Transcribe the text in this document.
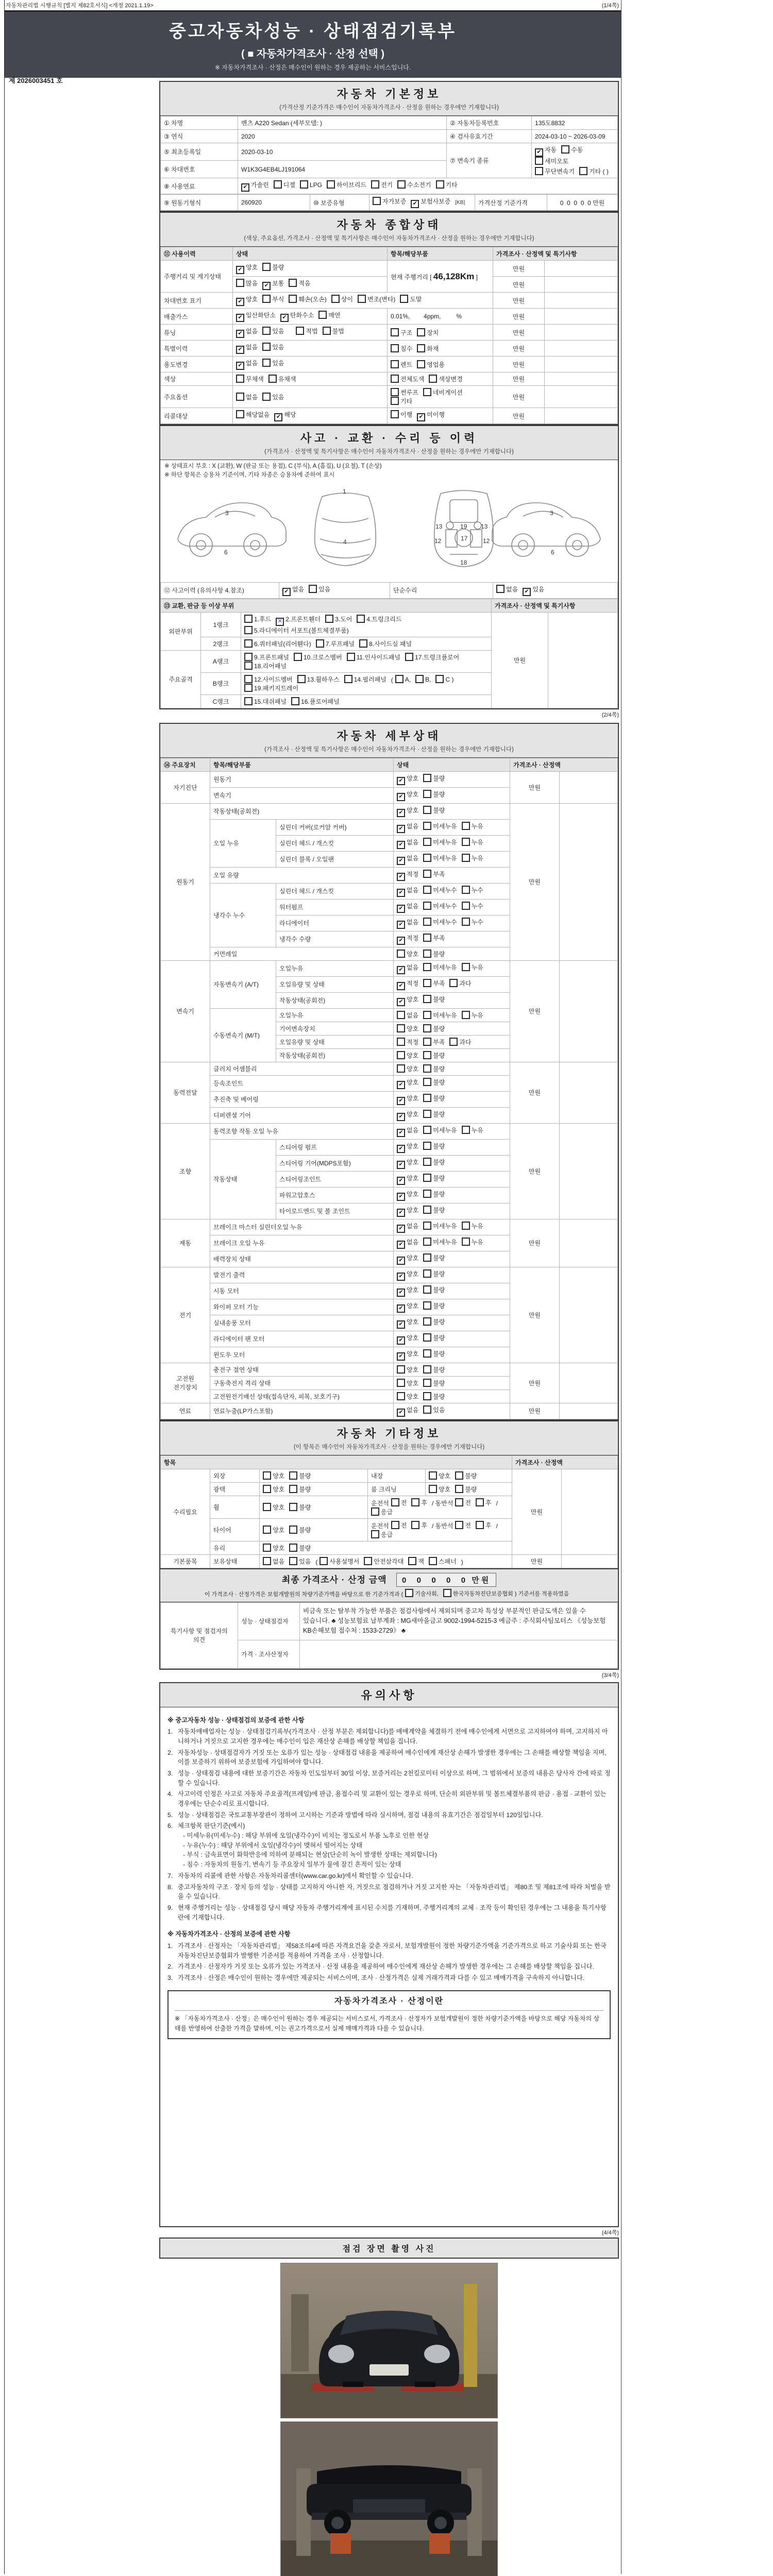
자동차관리법 시행규칙 [별지 제82호서식] <개정 2021.1.19>	(1/4쪽)
중고자동차성능 · 상태점검기록부
( ■ 자동차가격조사 · 산정 선택 )
※ 자동차가격조사 · 산정은 매수인이 원하는 경우 제공하는 서비스입니다.
제 2026003451 호
자동차 기본정보
(가격산정 기준가격은 매수인이 자동차가격조사 · 산정을 원하는 경우에만 기재합니다)
① 차명	벤츠 A220 Sedan (세부모델: )	② 자동차등록번호	135도8832
③ 연식	2020	④ 검사유효기간	2024-03-10 ~ 2026-03-09
⑤ 최초등록일	2020-03-10	⑦ 변속기 종류	
✔자동 수동세미오토
무단변속기 기타 ( )

⑥ 차대번호	W1K3G4EB4LJ191064		
⑧ 사용연료	✔가솔린 디젤 LPG 하이브리드 전기 수소전기 기타
⑨ 원동기형식	260920	⑩ 보증유형	자가보증 ✔ 보험사보증 [KB]	가격산정 기준가격	0  0  0  0  0 만원
자동차 종합상태
(색상, 주요옵션, 가격조사 · 산정액 및 특기사항은 매수인이 자동차가격조사 · 산정을 원하는 경우에만 기재합니다)
⑪ 사용이력	상태	항목/해당부품	가격조사 · 산정액 및 특기사항	
주행거리 및 계기상태	✔양호 불량	현재 주행거리 [ 46,128Km ]	만원	
	많음 ✔ 보통 적음		만원	
차대번호 표기	✔양호 부식 훼손(오손) 상이 변조(변타) 도말		만원	
배출가스	✔일산화탄소 ✔ 탄화수소 매연	0.01%,        4ppm,         %	만원	
튜닝	✔없음 있음 적법 불법	구조 장치	만원	
특별이력	✔없음 있음	침수 화재	만원	
용도변경	✔없음 있음	렌트 영업용	만원	
색상	무채색 유채색	전체도색 색상변경	만원	
주요옵션	없음 있음	썬루프 네비게이션기타	만원	
리콜대상	해당없음 ✔ 해당	이행 ✔ 미이행	만원	
사고 · 교환 · 수리 등 이력
(가격조사 · 산정액 및 특기사항은 매수인이 자동차가격조사 · 산정을 원하는 경우에만 기재합니다)
※ 상태표시 부호 : X (교환), W (판금 또는 용접), C (부식), A (흠집), U (요철), T (손상)
※ 하단 항목은 승용차 기준이며, 기타 차종은 승용차에 준하여 표시
3
6
4
1
13	13
19
12	12
17
18
3
6
⑫ 사고이력 (유의사항 4.참조)	✔없음 있음	단순수리	없음 ✔ 있음
⑬ 교환, 판금 등 이상 부위			가격조사 · 산정액 및 특기사항	
외판부위	1랭크	1.후드 ✕ 2.프론트휀더 3.도어 4.트렁크리드
5.라디에이터 서포트(볼트체결부품)	만원	
	2랭크	6.쿼터패널(리어휀다) 7.루프패널 8.사이드실 패널		

주요골격	A랭크	9.프론트패널 10.크로스멤버 11.인사이드패널 17.트렁크플로어
18.리어패널		

	B랭크	12.사이드멤버 13.휠하우스 14.필러패널 ( A, B, C )
19.패키지트레이		

	C랭크	15.대쉬패널 16.플로어패널		
(2/4쪽)
자동차 세부상태
(가격조사 · 산정액 및 특기사항은 매수인이 자동차가격조사 · 산정을 원하는 경우에만 기재합니다)
⑭ 주요장치	항목/해당부품		상태	가격조사 · 산정액	
자기진단	원동기	✔양호 불량	만원	
	변속기	✔양호 불량
원동기	작동상태(공회전)	✔양호 불량	만원	
	오일 누유	실린더 커버(로커암 커버)	✔없음 미세누유 누유
		실린더 헤드 / 개스킷	✔없음 미세누유 누유
		실린더 블록 / 오일팬	✔없음 미세누유 누유
	오일 유량	✔적정 부족
	냉각수 누수	실린더 헤드 / 개스킷	✔없음 미세누수 누수
		워터펌프	✔없음 미세누수 누수
		라디에이터	✔없음 미세누수 누수
		냉각수 수량	✔적정 부족
	커먼레일		양호 불량		
변속기	자동변속기 (A/T)	오일누유	✔없음 미세누유 누유	만원	
		오일유량 및 상태	✔적정 부족 과다
		작동상태(공회전)	✔양호 불량
	수동변속기 (M/T)	오일누유	없음 미세누유 누유		
		기어변속장치	양호 불량		
		오일유량 및 상태	적정 부족 과다		
		작동상태(공회전)	양호 불량		
동력전달	클러치 어셈블리		양호 불량	만원	
	등속조인트	✔양호 불량
	추진축 및 베어링	✔양호 불량
	디퍼렌셜 기어	✔양호 불량
조향	동력조향 작동 오일 누유	✔없음 미세누유 누유	만원	
	작동상태	스티어링 펌프	✔양호 불량
		스티어링 기어(MDPS포함)	✔양호 불량
		스티어링조인트	✔양호 불량
		파워고압호스	✔양호 불량
		타이로드엔드 및 볼 조인트	✔양호 불량
제동	브레이크 마스터 실린더오일 누유	✔없음 미세누유 누유	만원	
	브레이크 오일 누유	✔없음 미세누유 누유
	배력장치 상태	✔양호 불량
전기	발전기 출력	✔양호 불량	만원	
	시동 모터	✔양호 불량
	와이퍼 모터 기능	✔양호 불량
	실내송풍 모터	✔양호 불량
	라디에이터 팬 모터	✔양호 불량
	윈도우 모터	✔양호 불량
고전원 전기장치	충전구 절연 상태		양호 불량	만원	
	구동축전지 격리 상태		양호 불량		
	고전원전기배선 상태(접속단자, 피복, 보호기구)		양호 불량		
연료	연료누출(LP가스포함)	✔없음 있음	만원	
자동차 기타정보
(이 항목은 매수인이 자동차가격조사 · 산정을 원하는 경우에만 기재합니다)
항목					가격조사 · 산정액	
수리필요	외장	양호 불량	내장	양호 불량	만원	
	광택	양호 불량	룸 크리닝	양호 불량		
	휠	양호 불량	운전석 전 후 / 동반석 전 후 /응급			
	타이어	양호 불량	운전석 전 후 / 동반석 전 후 /응급			
	유리	양호 불량				
기본품목	보유상태	없음 있음 ( 사용설명서 안전삼각대 잭 스패너 )			만원	
최종 가격조사 · 산정 금액 0  0  0  0  0 만원
이 가격조사 · 산정가격은 보험개발원의 차량기준가액을 바탕으로 한 기준가격과 ( 기술사회,	한국자동차진단보증협회 ) 기준서를 적용하였음
특기사항 및 점검자의 의견	성능 · 상태점검자	비금속 또는 탈부착 가능한 부품은 점검사항에서 제외되며 중고차 특성상 부분적인 판금도색은 있을 수 있습니다. ♣ 성능보험료 납부계좌 : MG새마을금고 9002-1994-5215-3 예금주 : 주식회사팀모터스 《성능보험 KB손해보험 접수처 : 1533-2729》 ♣
	가격 · 조사산정자	
(3/4쪽)
유의사항
※ 중고자동차 성능 · 상태점검의 보증에 관한 사항
1. 자동차매매업자는 성능 · 상태점검기록부(가격조사 · 산정 부분은 제외합니다)를 매매계약을 체결하기 전에 매수인에게 서면으로 고지하여야 하며, 고지하지 아니하거나 거짓으로 고지한 경우에는 매수인이 입은 재산상 손해를 배상할 책임을 집니다.
2. 자동차성능 · 상태점검자가 거짓 또는 오류가 있는 성능 · 상태점검 내용을 제공하여 매수인에게 재산상 손해가 발생한 경우에는 그 손해를 배상할 책임을 지며, 이를 보증하기 위하여 보증보험에 가입하여야 합니다.
3. 성능 · 상태점검 내용에 대한 보증기간은 자동차 인도일부터 30일 이상, 보증거리는 2천킬로미터 이상으로 하며, 그 범위에서 보증의 내용은 당사자 간에 따로 정할 수 있습니다.
4. 사고이력 인정은 사고로 자동차 주요골격(프레임)에 판금, 용접수리 및 교환이 있는 경우로 하며, 단순히 외판부위 및 볼트체결부품의 판금 · 용접 · 교환이 있는 경우에는 단순수리로 표시합니다.
5. 성능 · 상태점검은 국토교통부장관이 정하여 고시하는 기준과 방법에 따라 실시하며, 점검 내용의 유효기간은 점검일부터 120일입니다.
6. 체크항목 판단기준(예시)
- 미세누유(미세누수) : 해당 부위에 오일(냉각수)이 비치는 정도로서 부품 노후로 인한 현상
- 누유(누수) : 해당 부위에서 오일(냉각수)이 맺혀서 떨어지는 상태
- 부식 : 금속표면이 화학반응에 의하여 분해되는 현상(단순히 녹이 발생한 상태는 제외합니다)
- 침수 : 자동차의 원동기, 변속기 등 주요장치 일부가 물에 잠긴 흔적이 있는 상태
7. 자동차의 리콜에 관한 사항은 자동차리콜센터(www.car.go.kr)에서 확인할 수 있습니다.
8. 중고자동차의 구조 · 장치 등의 성능 · 상태를 고지하지 아니한 자, 거짓으로 점검하거나 거짓 고지한 자는 「자동차관리법」 제80조 및 제81조에 따라 처벌을 받을 수 있습니다.
9. 현재 주행거리는 성능 · 상태점검 당시 해당 자동차 주행거리계에 표시된 수치를 기재하며, 주행거리계의 교체 · 조작 등이 확인된 경우에는 그 내용을 특기사항란에 기재합니다.
※ 자동차가격조사 · 산정의 보증에 관한 사항
1. 가격조사 · 산정자는 「자동차관리법」 제58조의4에 따른 자격요건을 갖춘 자로서, 보험개발원이 정한 차량기준가액을 기준가격으로 하고 기술사회 또는 한국자동차진단보증협회가 발행한 기준서를 적용하여 가격을 조사 · 산정합니다.
2. 가격조사 · 산정자가 거짓 또는 오류가 있는 가격조사 · 산정 내용을 제공하여 매수인에게 재산상 손해가 발생한 경우에는 그 손해를 배상할 책임을 집니다.
3. 가격조사 · 산정은 매수인이 원하는 경우에만 제공되는 서비스이며, 조사 · 산정가격은 실제 거래가격과 다를 수 있고 매매가격을 구속하지 아니합니다.
자동차가격조사 · 산정이란
※ 「자동차가격조사 · 산정」은 매수인이 원하는 경우 제공되는 서비스로서, 가격조사 · 산정자가 보험개발원이 정한 차량기준가액을 바탕으로 해당 자동차의 상태를 반영하여 산출한 가격을 말하며, 이는 권고가격으로서 실제 매매가격과 다를 수 있습니다.
(4/4쪽)
점검 장면 촬영 사진
